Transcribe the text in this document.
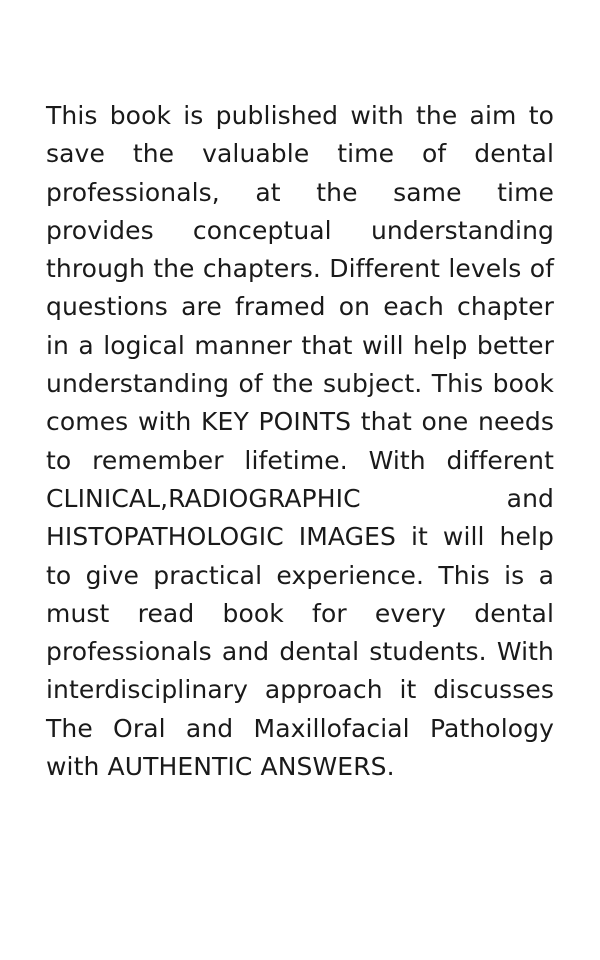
This book is published with the aim to save the valuable time of dental professionals, at the same time provides conceptual understanding through the chapters. Different levels of questions are framed on each chapter in a logical manner that will help better understanding of the subject. This book comes with KEY POINTS that one needs to remember lifetime. With different CLINICAL,RADIOGRAPHIC and HISTOPATHOLOGIC IMAGES it will help to give practical experience. This is a must read book for every dental professionals and dental students. With interdisciplinary approach it discusses The Oral and Maxillofacial Pathology with AUTHENTIC ANSWERS.
